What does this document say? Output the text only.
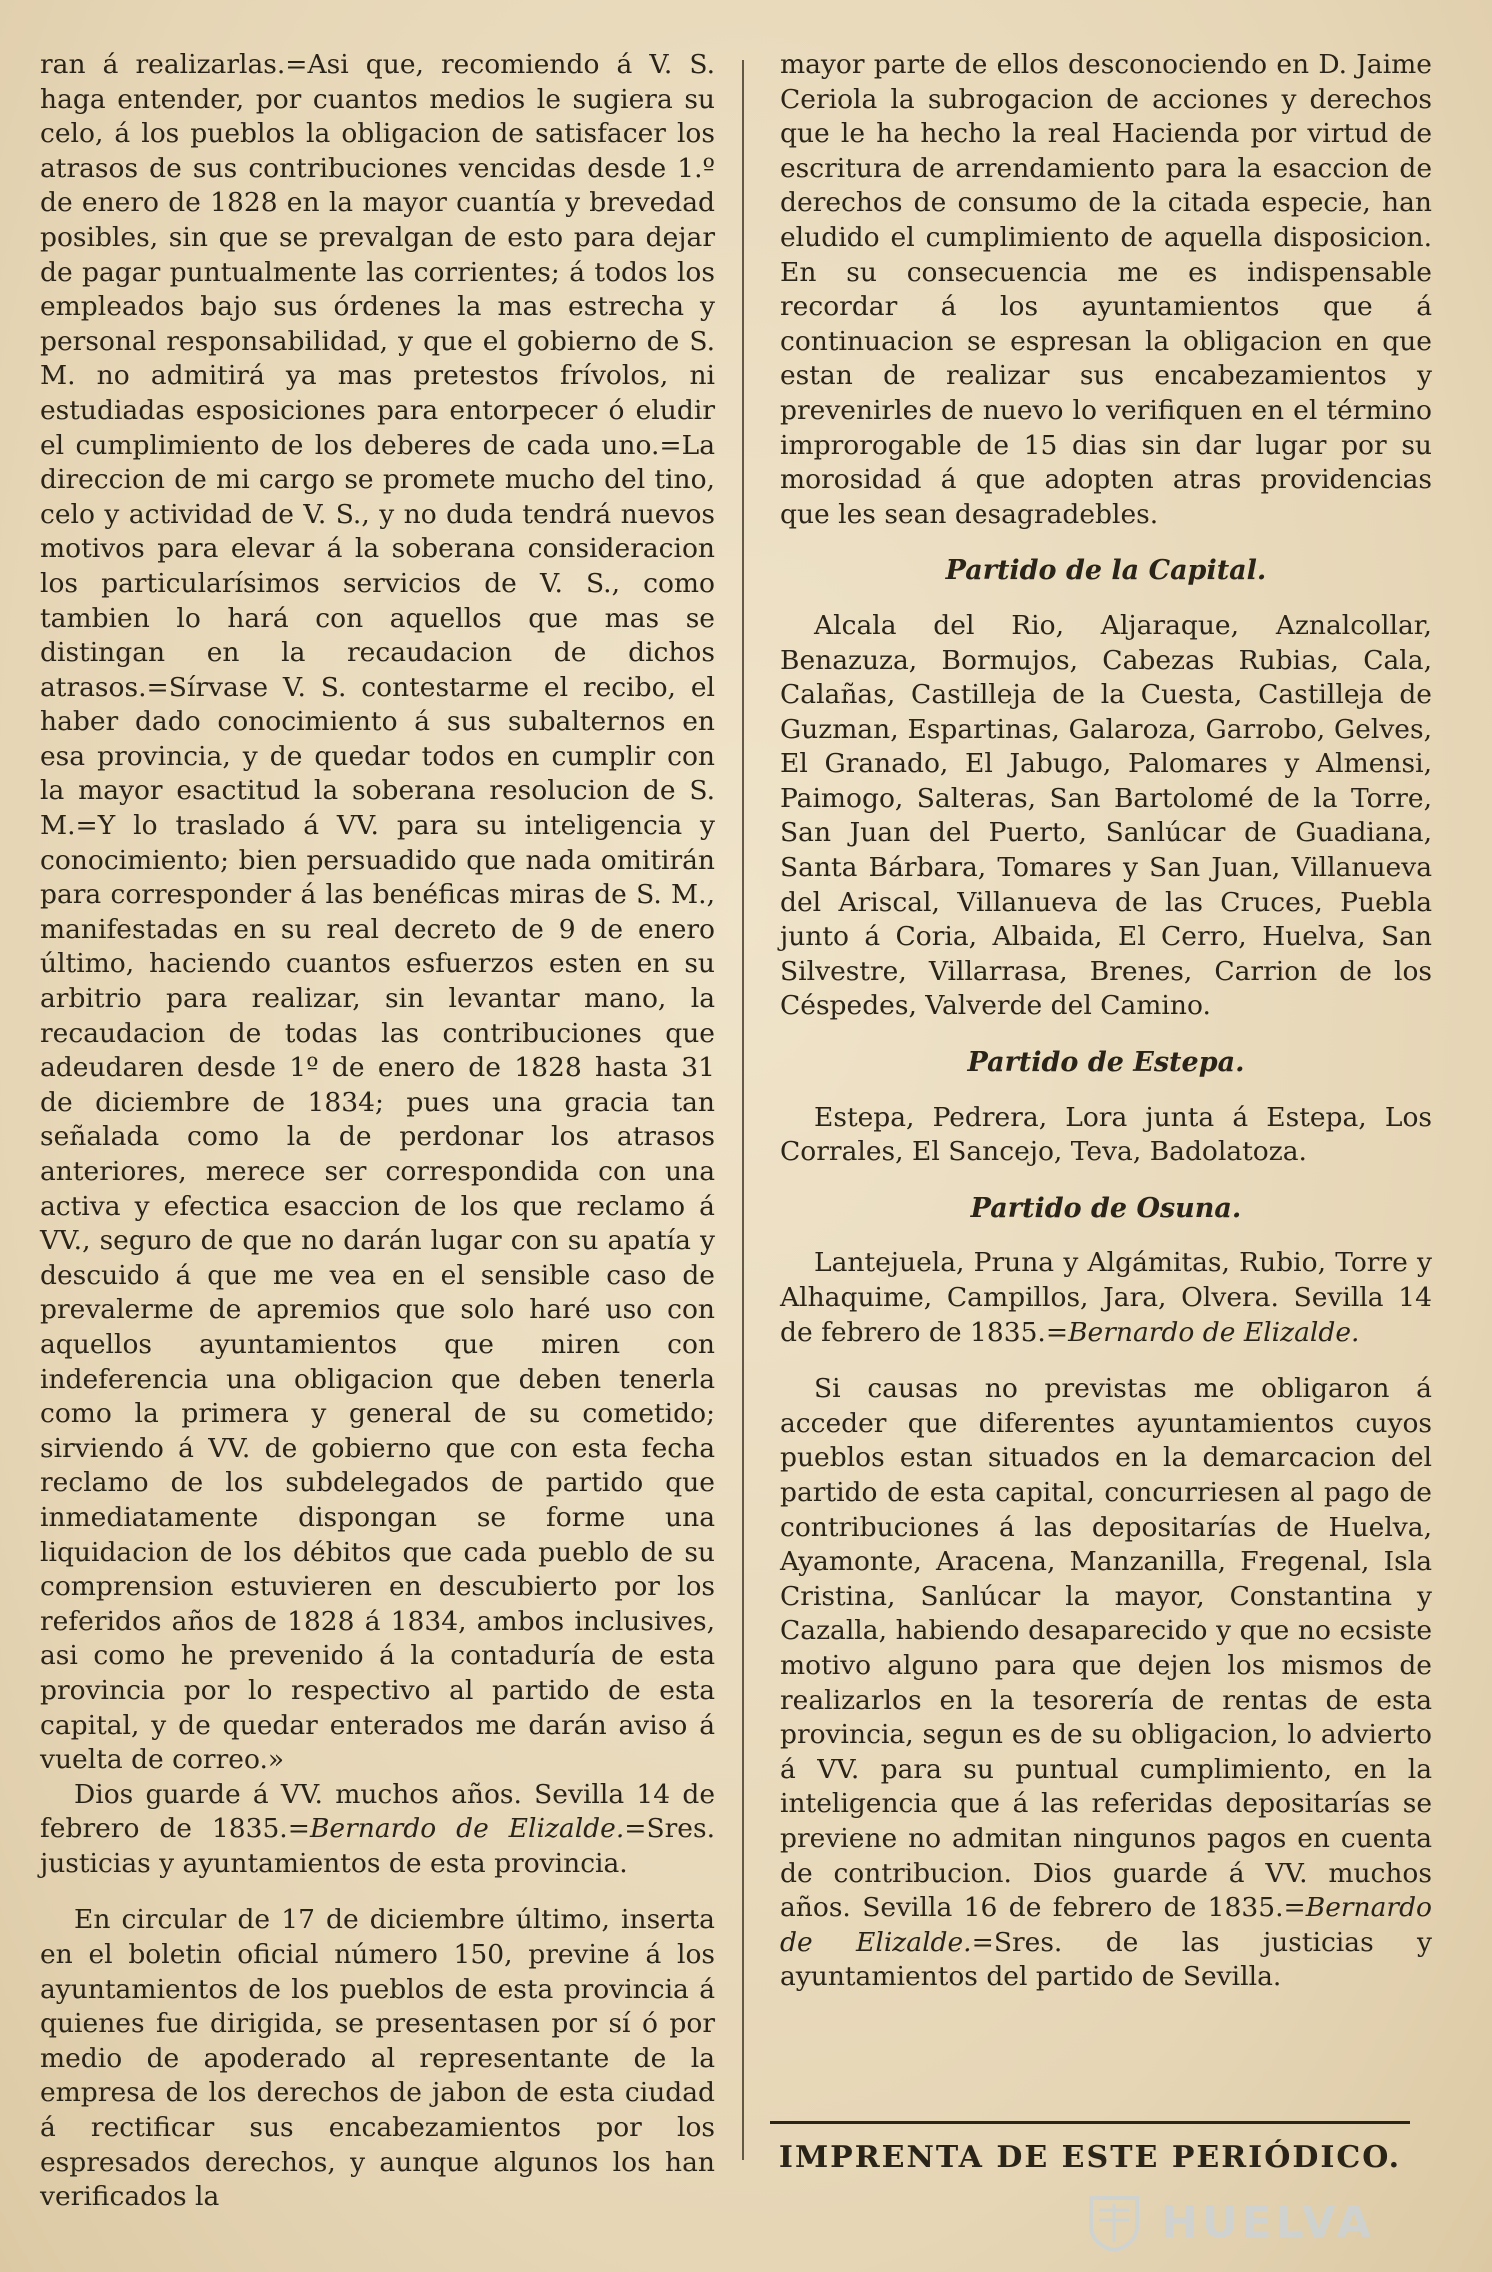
ran á realizarlas.=Asi que, recomiendo á V. S. haga entender, por cuantos medios le sugiera su celo, á los pueblos la obligacion de satisfacer los atrasos de sus contribuciones vencidas desde 1.º de enero de 1828 en la mayor cuantía y brevedad posibles, sin que se prevalgan de esto para dejar de pagar puntualmente las corrientes; á todos los empleados bajo sus órdenes la mas estrecha y personal responsabilidad, y que el gobierno de S. M. no admitirá ya mas pretestos frívolos, ni estudiadas esposiciones para entorpecer ó eludir el cumplimiento de los deberes de cada uno.=La direccion de mi cargo se promete mucho del tino, celo y actividad de V. S., y no duda tendrá nuevos motivos para elevar á la soberana consideracion los particularísimos servicios de V. S., como tambien lo hará con aquellos que mas se distingan en la recaudacion de dichos atrasos.=Sírvase V. S. contestarme el recibo, el haber dado conocimiento á sus subalternos en esa provincia, y de quedar todos en cumplir con la mayor esactitud la soberana resolucion de S. M.=Y lo traslado á VV. para su inteligencia y conocimiento; bien persuadido que nada omitirán para corresponder á las benéficas miras de S. M., manifestadas en su real decreto de 9 de enero último, haciendo cuantos esfuerzos esten en su arbitrio para realizar, sin levantar mano, la recaudacion de todas las contribuciones que adeudaren desde 1º de enero de 1828 hasta 31 de diciembre de 1834; pues una gracia tan señalada como la de perdonar los atrasos anteriores, merece ser correspondida con una activa y efectica esaccion de los que reclamo á VV., seguro de que no darán lugar con su apatía y descuido á que me vea en el sensible caso de prevalerme de apremios que solo haré uso con aquellos ayuntamientos que miren con indeferencia una obligacion que deben tenerla como la primera y general de su cometido; sirviendo á VV. de gobierno que con esta fecha reclamo de los subdelegados de partido que inmediatamente dispongan se forme una liquidacion de los débitos que cada pueblo de su comprension estuvieren en descubierto por los referidos años de 1828 á 1834, ambos inclusives, asi como he prevenido á la contaduría de esta provincia por lo respectivo al partido de esta capital, y de quedar enterados me darán aviso á vuelta de correo.»

Dios guarde á VV. muchos años. Sevilla 14 de febrero de 1835.=Bernardo de Elizalde.=Sres. justicias y ayuntamientos de esta provincia.

En circular de 17 de diciembre último, inserta en el boletin oficial número 150, previne á los ayuntamientos de los pueblos de esta provincia á quienes fue dirigida, se presentasen por sí ó por medio de apoderado al representante de la empresa de los derechos de jabon de esta ciudad á rectificar sus encabezamientos por los espresados derechos, y aunque algunos los han verificados la

mayor parte de ellos desconociendo en D. Jaime Ceriola la subrogacion de acciones y derechos que le ha hecho la real Hacienda por virtud de escritura de arrendamiento para la esaccion de derechos de consumo de la citada especie, han eludido el cumplimiento de aquella disposicion. En su consecuencia me es indispensable recordar á los ayuntamientos que á continuacion se espresan la obligacion en que estan de realizar sus encabezamientos y prevenirles de nuevo lo verifiquen en el término improrogable de 15 dias sin dar lugar por su morosidad á que adopten atras providencias que les sean desagradebles.

Partido de la Capital.

Alcala del Rio, Aljaraque, Aznalcollar, Benazuza, Bormujos, Cabezas Rubias, Cala, Calañas, Castilleja de la Cuesta, Castilleja de Guzman, Espartinas, Galaroza, Garrobo, Gelves, El Granado, El Jabugo, Palomares y Almensi, Paimogo, Salteras, San Bartolomé de la Torre, San Juan del Puerto, Sanlúcar de Guadiana, Santa Bárbara, Tomares y San Juan, Villanueva del Ariscal, Villanueva de las Cruces, Puebla junto á Coria, Albaida, El Cerro, Huelva, San Silvestre, Villarrasa, Brenes, Carrion de los Céspedes, Valverde del Camino.

Partido de Estepa.

Estepa, Pedrera, Lora junta á Estepa, Los Corrales, El Sancejo, Teva, Badolatoza.

Partido de Osuna.

Lantejuela, Pruna y Algámitas, Rubio, Torre y Alhaquime, Campillos, Jara, Olvera. Sevilla 14 de febrero de 1835.=Bernardo de Elizalde.

Si causas no previstas me obligaron á acceder que diferentes ayuntamientos cuyos pueblos estan situados en la demarcacion del partido de esta capital, concurriesen al pago de contribuciones á las depositarías de Huelva, Ayamonte, Aracena, Manzanilla, Fregenal, Isla Cristina, Sanlúcar la mayor, Constantina y Cazalla, habiendo desaparecido y que no ecsiste motivo alguno para que dejen los mismos de realizarlos en la tesorería de rentas de esta provincia, segun es de su obligacion, lo advierto á VV. para su puntual cumplimiento, en la inteligencia que á las referidas depositarías se previene no admitan ningunos pagos en cuenta de contribucion. Dios guarde á VV. muchos años. Sevilla 16 de febrero de 1835.=Bernardo de Elizalde.=Sres. de las justicias y ayuntamientos del partido de Sevilla.

IMPRENTA DE ESTE PERIÓDICO.
HUELVA
